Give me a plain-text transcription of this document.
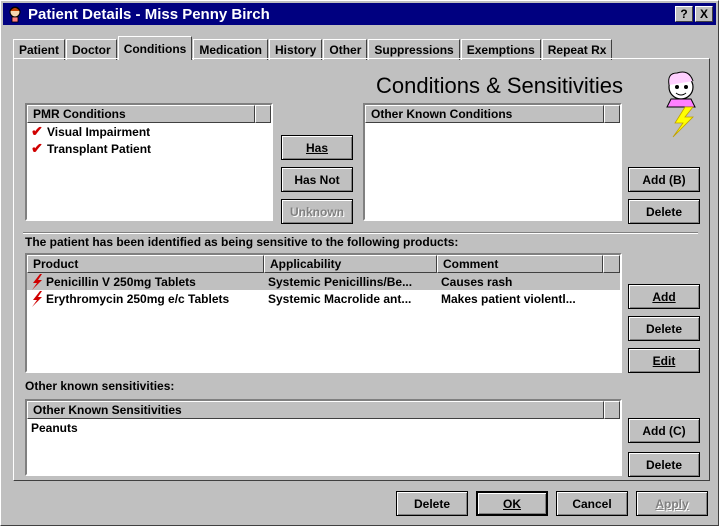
Patient Details - Miss Penny Birch	?	X
Patient	Doctor	Conditions	Medication	History	Other	Suppressions	Exemptions	Repeat Rx
Conditions & Sensitivities
PMR Conditions
✔ Visual Impairment
✔ Transplant Patient	Has
Has Not
Unknown
Other Known Conditions
Add (B)
Delete
The patient has been identified as being sensitive to the following products:
Product	Applicability	Comment
Penicillin V 250mg Tablets	Systemic Penicillins/Be...	Causes rash
Erythromycin 250mg e/c Tablets	Systemic Macrolide ant...	Makes patient violentl...	Add
Delete
Edit
Other known sensitivities:
Other Known Sensitivities
Peanuts	Add (C)
Delete
Delete	OK	Cancel	Apply
